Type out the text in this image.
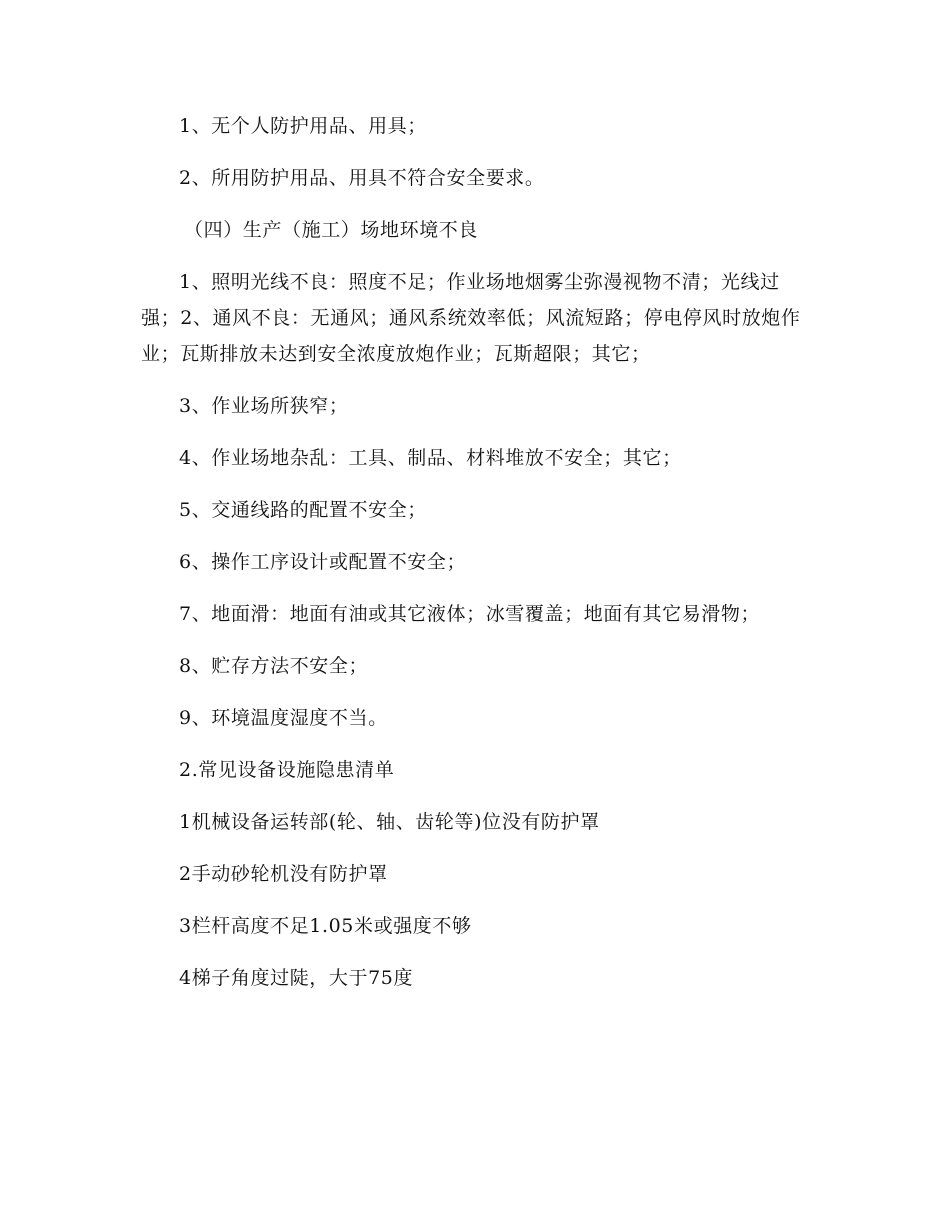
1、无个人防护用品、用具；

2、所用防护用品、用具不符合安全要求。

（四）生产（施工）场地环境不良

1、照明光线不良：照度不足；作业场地烟雾尘弥漫视物不清；光线过强；2、通风不良：无通风；通风系统效率低；风流短路；停电停风时放炮作业；瓦斯排放未达到安全浓度放炮作业；瓦斯超限；其它；

3、作业场所狭窄；

4、作业场地杂乱：工具、制品、材料堆放不安全；其它；

5、交通线路的配置不安全；

6、操作工序设计或配置不安全；

7、地面滑：地面有油或其它液体；冰雪覆盖；地面有其它易滑物；

8、贮存方法不安全；

9、环境温度湿度不当。

2.常见设备设施隐患清单

1机械设备运转部(轮、轴、齿轮等)位没有防护罩

2手动砂轮机没有防护罩

3栏杆高度不足1.05米或强度不够

4梯子角度过陡，大于75度
